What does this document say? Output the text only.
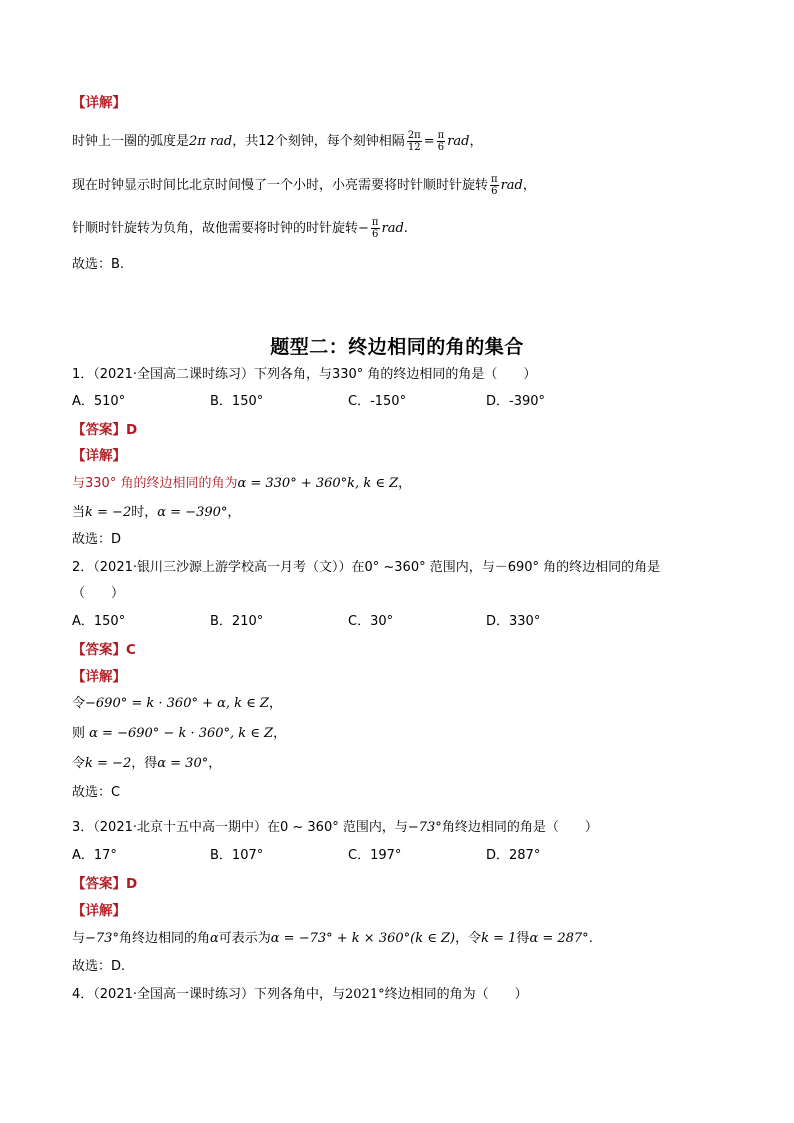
【详解】
时钟上一圈的弧度是2π rad，共12个刻钟，每个刻钟相隔 $\frac{2\pi}{12} = \frac{\pi}{6}$ rad，
现在时钟显示时间比北京时间慢了一个小时，小亮需要将时针顺时针旋转 $\frac{\pi}{6}$ rad，
针顺时针旋转为负角，故他需要将时钟的时针旋转− $\frac{\pi}{6}$ rad.
故选：B.
题型二：终边相同的角的集合
1．（2021·全国高二课时练习）下列各角，与330° 角的终边相同的角是（　　）
A．510°	B．150°	C．-150°	D．-390°
【答案】D
【详解】
与330° 角的终边相同的角为α = 330° + 360°k, k ∈ Z，
当k = −2时，α = −390°，
故选：D
2．（2021·银川三沙源上游学校高一月考（文））在0° ~360° 范围内，与－690° 角的终边相同的角是
（　　）
A．150°	B．210°	C．30°	D．330°
【答案】C
【详解】
令−690° = k · 360° + α, k ∈ Z，
则 α = −690° − k · 360°, k ∈ Z，
令k = −2，得α = 30°，
故选：C
3．（2021·北京十五中高一期中）在0 ~ 360° 范围内，与−73°角终边相同的角是（　　）
A．17°	B．107°	C．197°	D．287°
【答案】D
【详解】
与−73°角终边相同的角α可表示为α = −73° + k × 360°(k ∈ Z)，令k = 1得α = 287°.
故选：D.
4．（2021·全国高一课时练习）下列各角中，与2021°终边相同的角为（　　）
